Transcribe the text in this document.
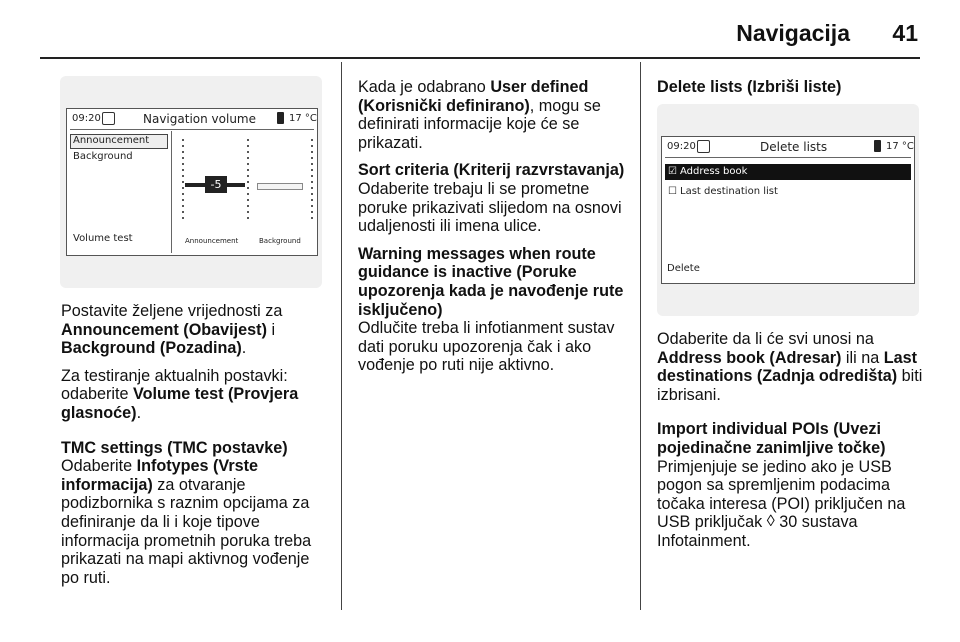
Navigacija 41
09:20	Navigation volume	17 °C
Announcement
Background
Volume test
-5
Announcement	Background

Postavite željene vrijednosti za
Announcement (Obavijest) i
Background (Pozadina).

Za testiranje aktualnih postavki: odaberite Volume test (Provjera glasnoće).

TMC settings (TMC postavke)
Odaberite Infotypes (Vrste informacija) za otvaranje podizbornika s raznim opcijama za definiranje da li i koje tipove informacija prometnih poruka treba prikazati na mapi aktivnog vođenje po ruti.

Kada je odabrano User defined (Korisnički definirano), mogu se definirati informacije koje će se prikazati.

Sort criteria (Kriterij razvrstavanja)
Odaberite trebaju li se prometne poruke prikazivati slijedom na osnovi udaljenosti ili imena ulice.

Warning messages when route guidance is inactive (Poruke upozorenja kada je navođenje rute isključeno)
Odlučite treba li infotianment sustav dati poruku upozorenja čak i ako vođenje po ruti nije aktivno.

Delete lists (Izbriši liste)
09:20	Delete lists	17 °C
☑ Address book
☐ Last destination list
Delete

Odaberite da li će svi unosi na Address book (Adresar) ili na Last destinations (Zadnja odredišta) biti izbrisani.

Import individual POIs (Uvezi pojedinačne zanimljive točke)
Primjenjuje se jedino ako je USB pogon sa spremljenim podacima točaka interesa (POI) priključen na USB priključak ◊ 30 sustava Infotainment.
